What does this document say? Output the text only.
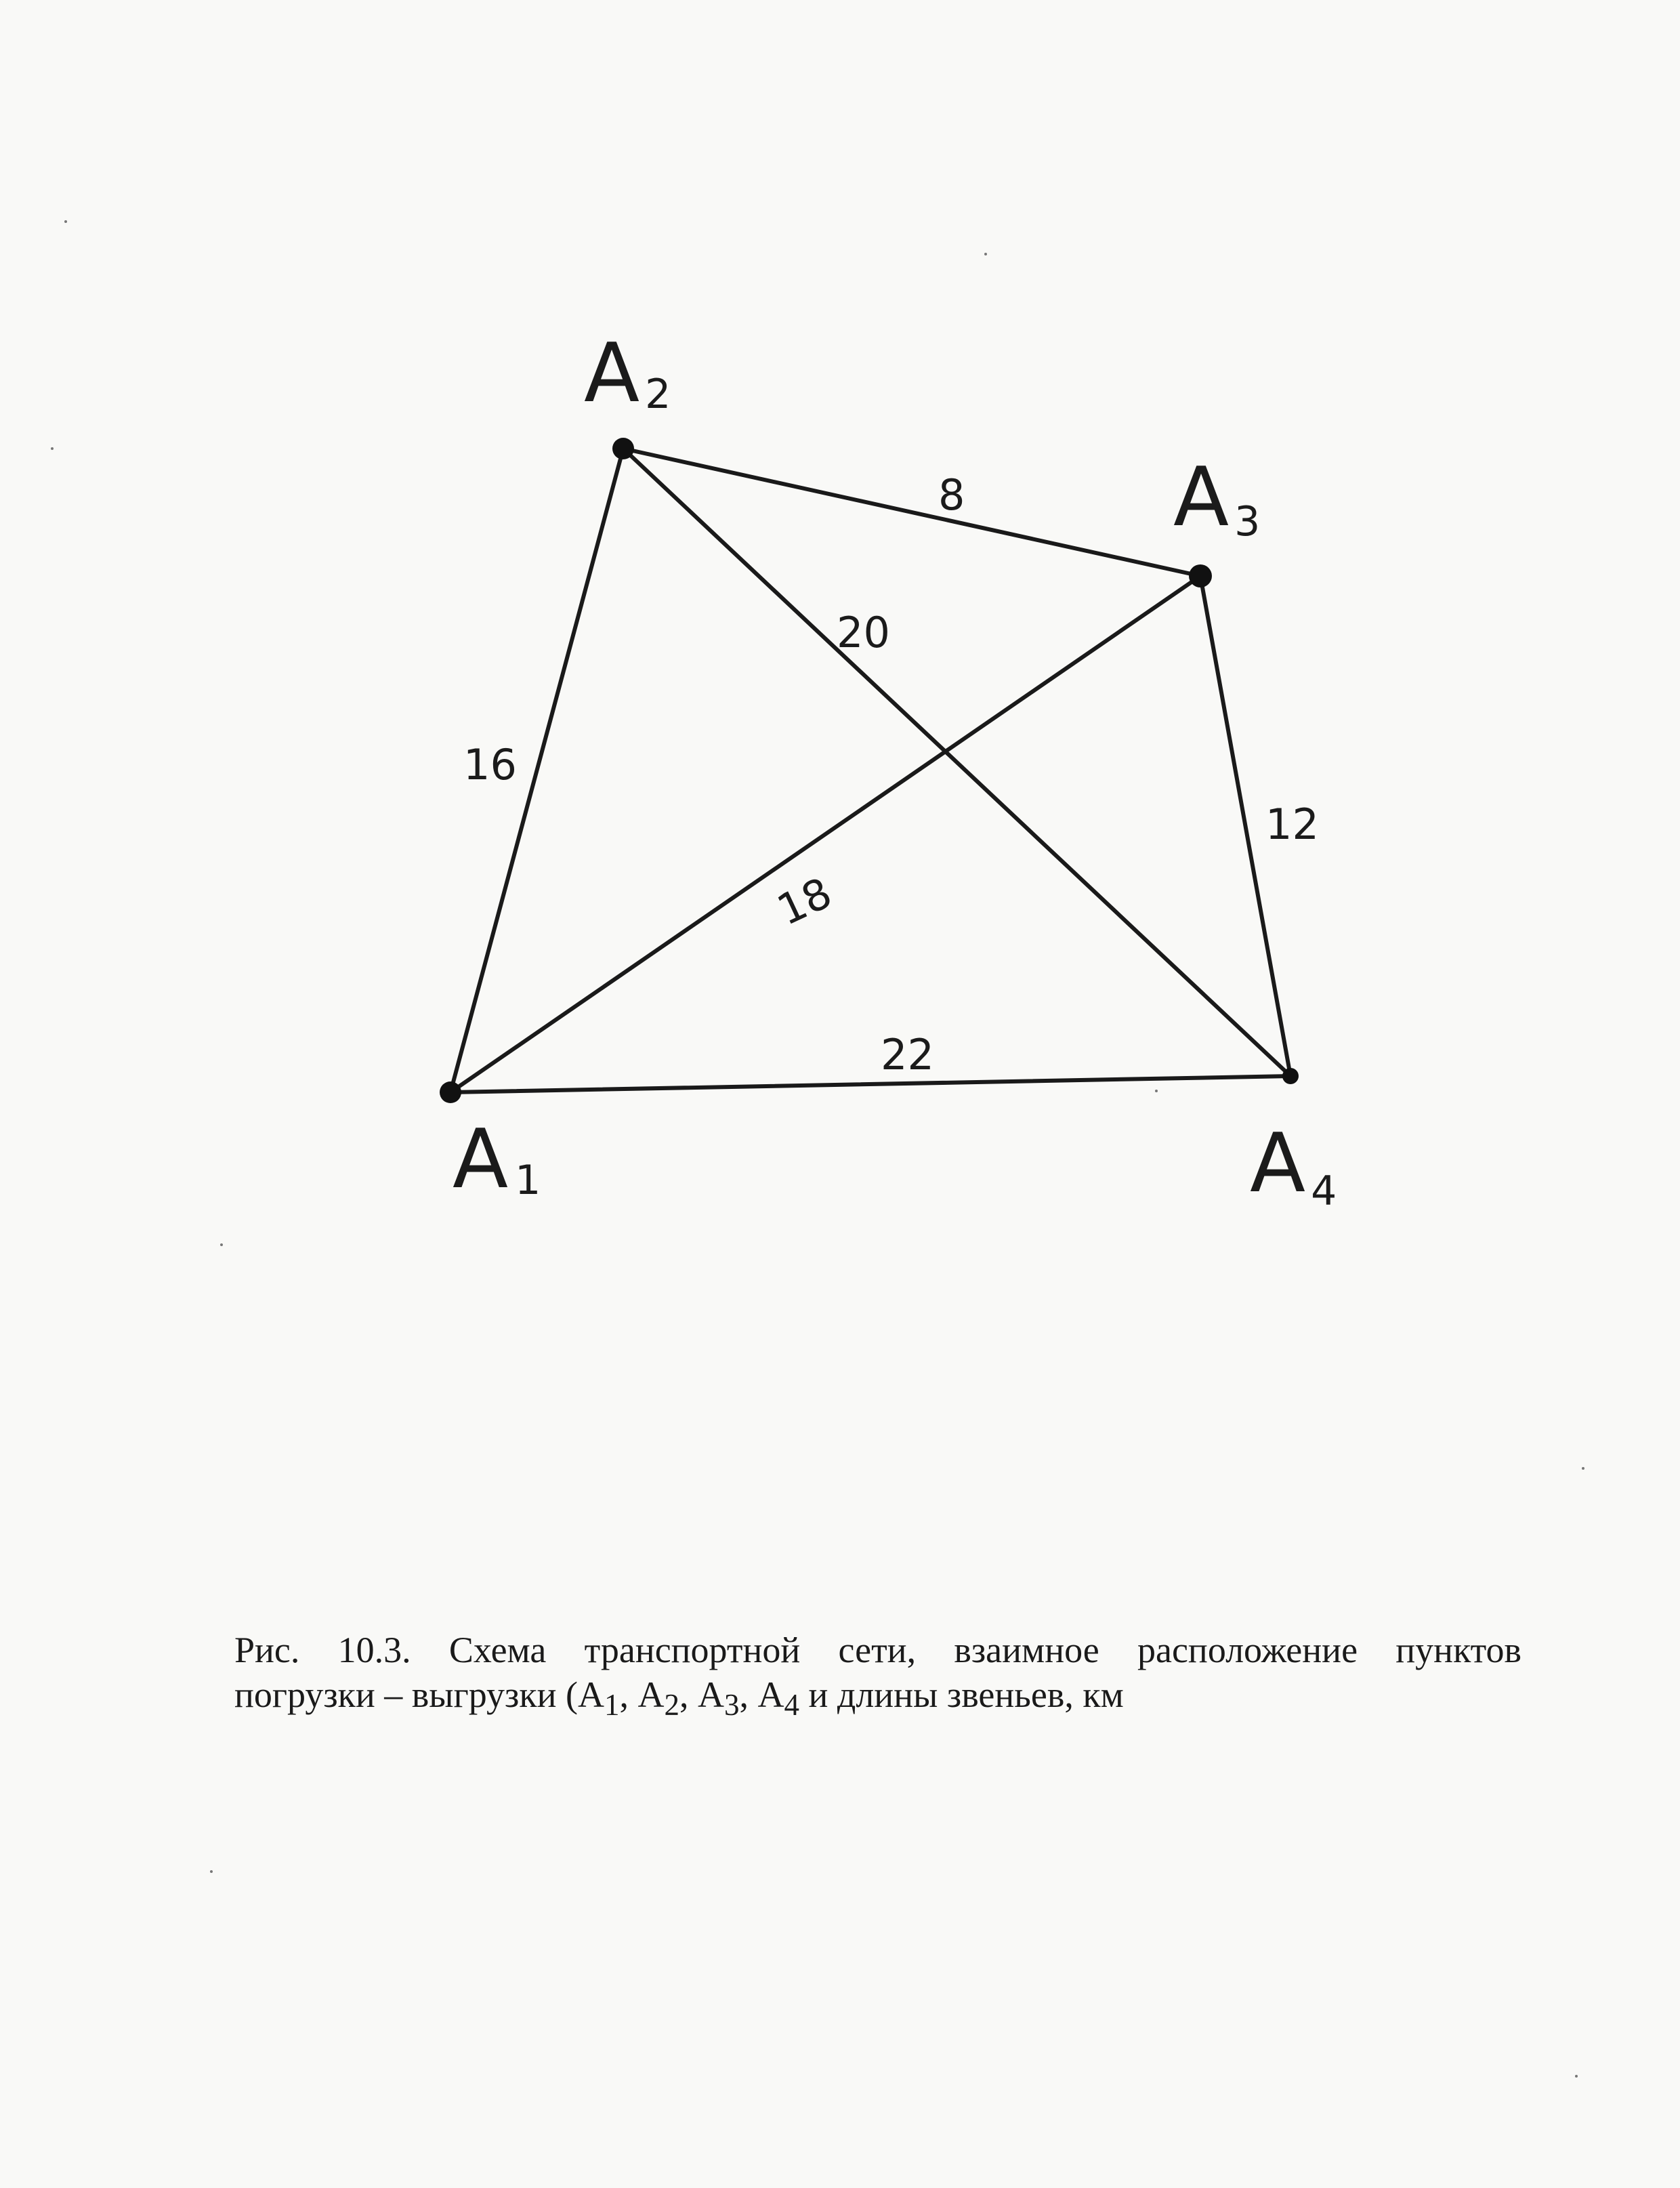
A 2
A 3
A 1	A 4
8
20
16
18
12
22
Рис. 10.3. Схема транспортной сети, взаимное расположение пунктов
погрузки – выгрузки ($А_1$, $А_2$, $А_3$, $А_4$ и длины звеньев, км
